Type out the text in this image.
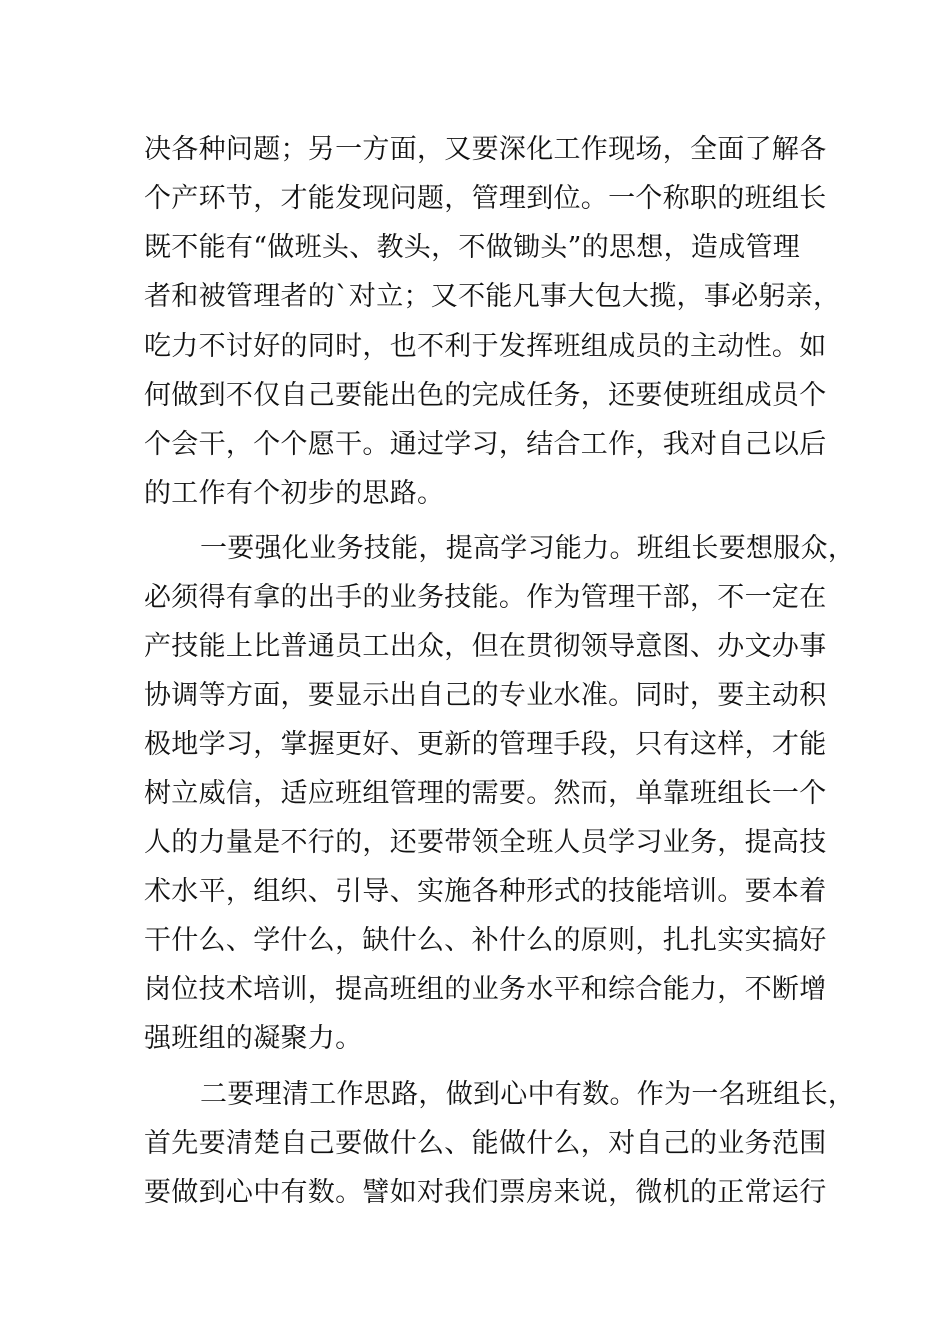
决各种问题；另一方面，又要深化工作现场，全面了解各
个产环节，才能发现问题，管理到位。一个称职的班组长
既不能有“做班头、教头，不做锄头”的思想，造成管理
者和被管理者的`对立；又不能凡事大包大揽，事必躬亲，
吃力不讨好的同时，也不利于发挥班组成员的主动性。如
何做到不仅自己要能出色的完成任务，还要使班组成员个
个会干，个个愿干。通过学习，结合工作，我对自己以后
的工作有个初步的思路。
一要强化业务技能，提高学习能力。班组长要想服众，
必须得有拿的出手的业务技能。作为管理干部，不一定在
产技能上比普通员工出众，但在贯彻领导意图、办文办事
协调等方面，要显示出自己的专业水准。同时，要主动积
极地学习，掌握更好、更新的管理手段，只有这样，才能
树立威信，适应班组管理的需要。然而，单靠班组长一个
人的力量是不行的，还要带领全班人员学习业务，提高技
术水平，组织、引导、实施各种形式的技能培训。要本着
干什么、学什么，缺什么、补什么的原则，扎扎实实搞好
岗位技术培训，提高班组的业务水平和综合能力，不断增
强班组的凝聚力。
二要理清工作思路，做到心中有数。作为一名班组长，
首先要清楚自己要做什么、能做什么，对自己的业务范围
要做到心中有数。譬如对我们票房来说，微机的正常运行
